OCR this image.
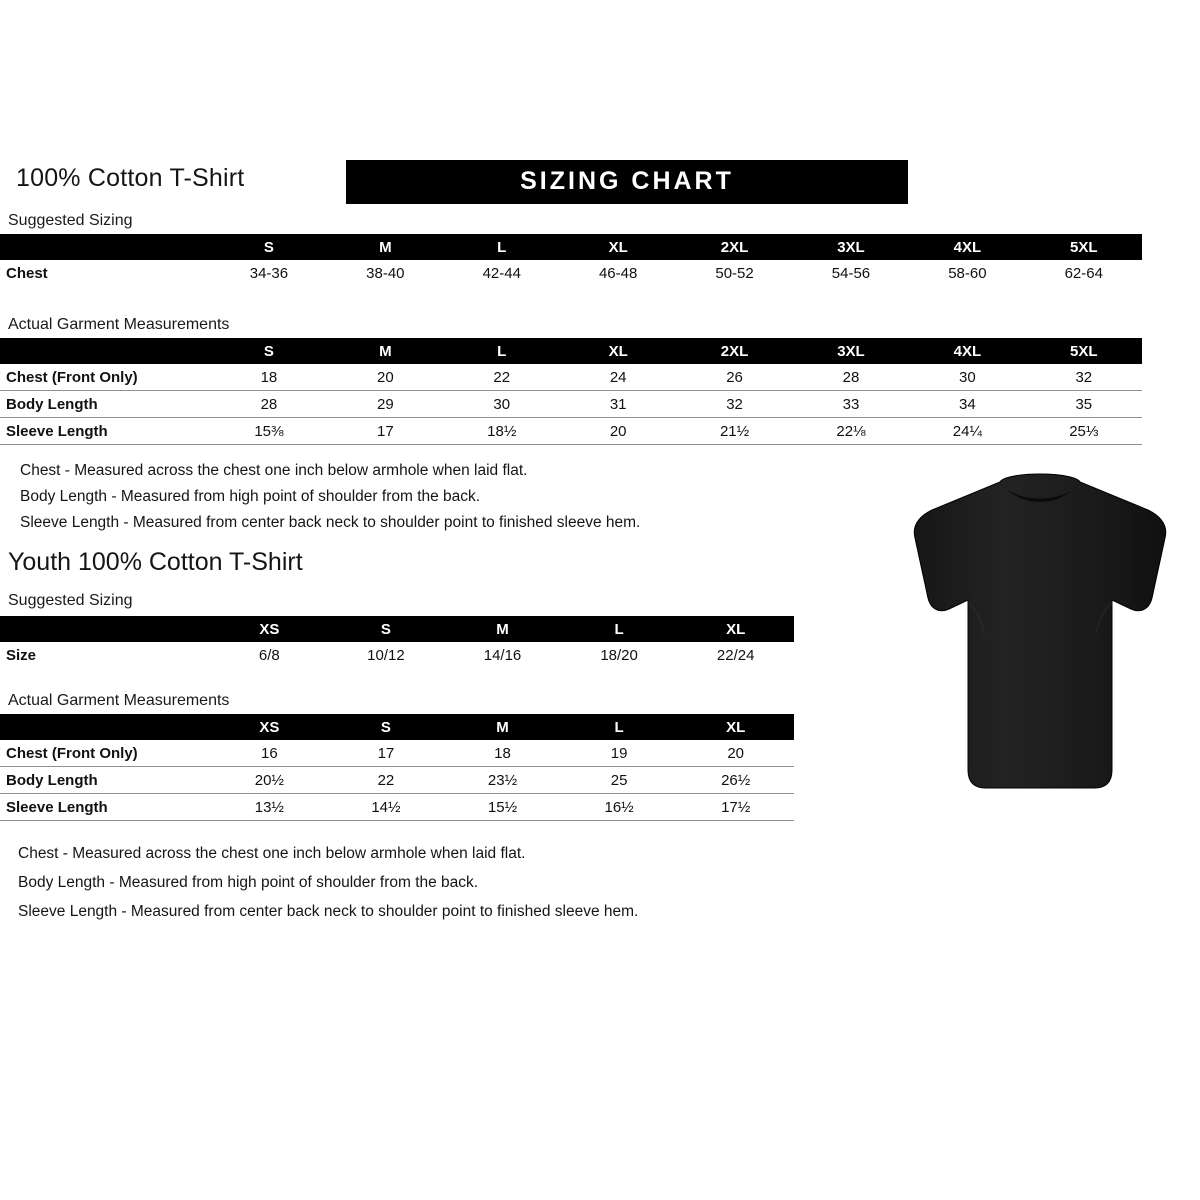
100% Cotton T-Shirt	SIZING CHART
Suggested Sizing
	S	M	L	XL	2XL	3XL	4XL	5XL
Chest	34-36	38-40	42-44	46-48	50-52	54-56	58-60	62-64
Actual Garment Measurements
	S	M	L	XL	2XL	3XL	4XL	5XL
Chest (Front Only)	18	20	22	24	26	28	30	32
Body Length	28	29	30	31	32	33	34	35
Sleeve Length	15⅜	17	18½	20	21½	22⅛	24¼	25⅓
Chest - Measured across the chest one inch below armhole when laid flat.
Body Length - Measured from high point of shoulder from the back.
Sleeve Length - Measured from center back neck to shoulder point to finished sleeve hem.
Youth 100% Cotton T-Shirt
Suggested Sizing
	XS	S	M	L	XL
Size	6/8	10/12	14/16	18/20	22/24
Actual Garment Measurements
	XS	S	M	L	XL
Chest (Front Only)	16	17	18	19	20
Body Length	20½	22	23½	25	26½
Sleeve Length	13½	14½	15½	16½	17½
Chest - Measured across the chest one inch below armhole when laid flat.
Body Length - Measured from high point of shoulder from the back.
Sleeve Length - Measured from center back neck to shoulder point to finished sleeve hem.
